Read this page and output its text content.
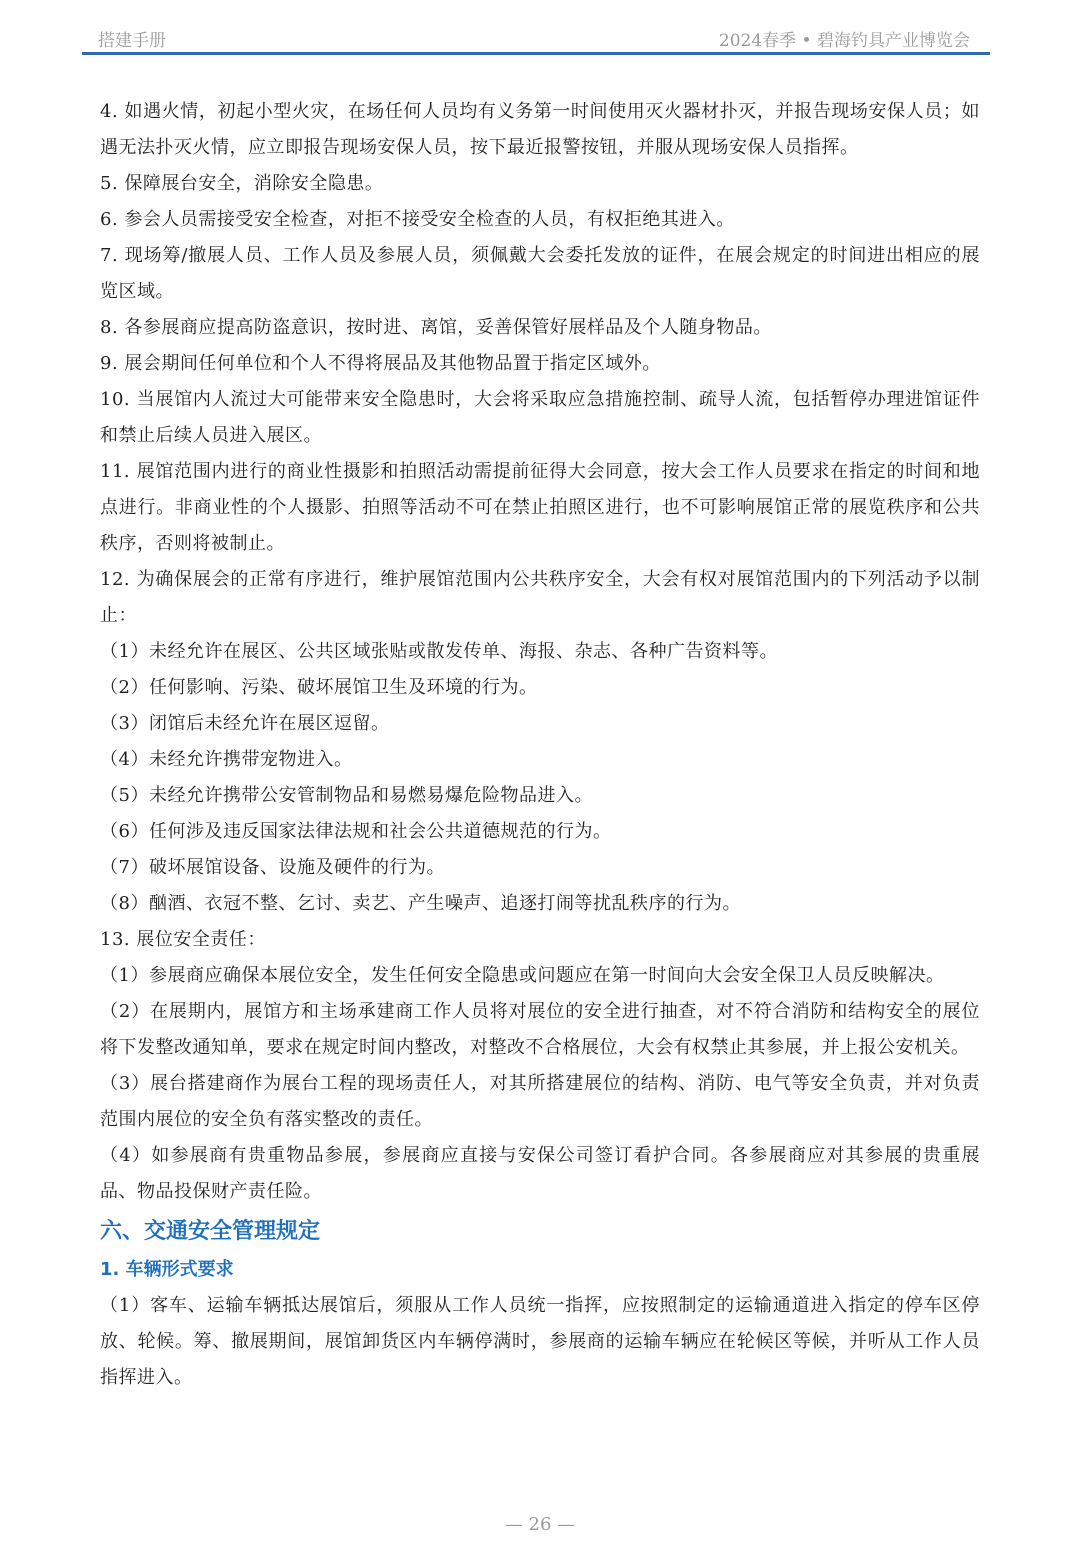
搭建手册	2024春季 • 碧海钓具产业博览会

4. 如遇火情，初起小型火灾，在场任何人员均有义务第一时间使用灭火器材扑灭，并报告现场安保人员；如遇无法扑灭火情，应立即报告现场安保人员，按下最近报警按钮，并服从现场安保人员指挥。

5. 保障展台安全，消除安全隐患。

6. 参会人员需接受安全检查，对拒不接受安全检查的人员，有权拒绝其进入。

7. 现场筹/撤展人员、工作人员及参展人员，须佩戴大会委托发放的证件，在展会规定的时间进出相应的展览区域。

8. 各参展商应提高防盗意识，按时进、离馆，妥善保管好展样品及个人随身物品。

9. 展会期间任何单位和个人不得将展品及其他物品置于指定区域外。

10. 当展馆内人流过大可能带来安全隐患时，大会将采取应急措施控制、疏导人流，包括暂停办理进馆证件和禁止后续人员进入展区。

11. 展馆范围内进行的商业性摄影和拍照活动需提前征得大会同意，按大会工作人员要求在指定的时间和地点进行。非商业性的个人摄影、拍照等活动不可在禁止拍照区进行，也不可影响展馆正常的展览秩序和公共秩序，否则将被制止。

12. 为确保展会的正常有序进行，维护展馆范围内公共秩序安全，大会有权对展馆范围内的下列活动予以制止：

（1）未经允许在展区、公共区域张贴或散发传单、海报、杂志、各种广告资料等。

（2）任何影响、污染、破坏展馆卫生及环境的行为。

（3）闭馆后未经允许在展区逗留。

（4）未经允许携带宠物进入。

（5）未经允许携带公安管制物品和易燃易爆危险物品进入。

（6）任何涉及违反国家法律法规和社会公共道德规范的行为。

（7）破坏展馆设备、设施及硬件的行为。

（8）酗酒、衣冠不整、乞讨、卖艺、产生噪声、追逐打闹等扰乱秩序的行为。

13. 展位安全责任：

（1）参展商应确保本展位安全，发生任何安全隐患或问题应在第一时间向大会安全保卫人员反映解决。

（2）在展期内，展馆方和主场承建商工作人员将对展位的安全进行抽查，对不符合消防和结构安全的展位将下发整改通知单，要求在规定时间内整改，对整改不合格展位，大会有权禁止其参展，并上报公安机关。

（3）展台搭建商作为展台工程的现场责任人，对其所搭建展位的结构、消防、电气等安全负责，并对负责范围内展位的安全负有落实整改的责任。

（4）如参展商有贵重物品参展，参展商应直接与安保公司签订看护合同。各参展商应对其参展的贵重展品、物品投保财产责任险。

六、交通安全管理规定
1. 车辆形式要求

（1）客车、运输车辆抵达展馆后，须服从工作人员统一指挥，应按照制定的运输通道进入指定的停车区停放、轮候。筹、撤展期间，展馆卸货区内车辆停满时，参展商的运输车辆应在轮候区等候，并听从工作人员指挥进入。

— 26 —
